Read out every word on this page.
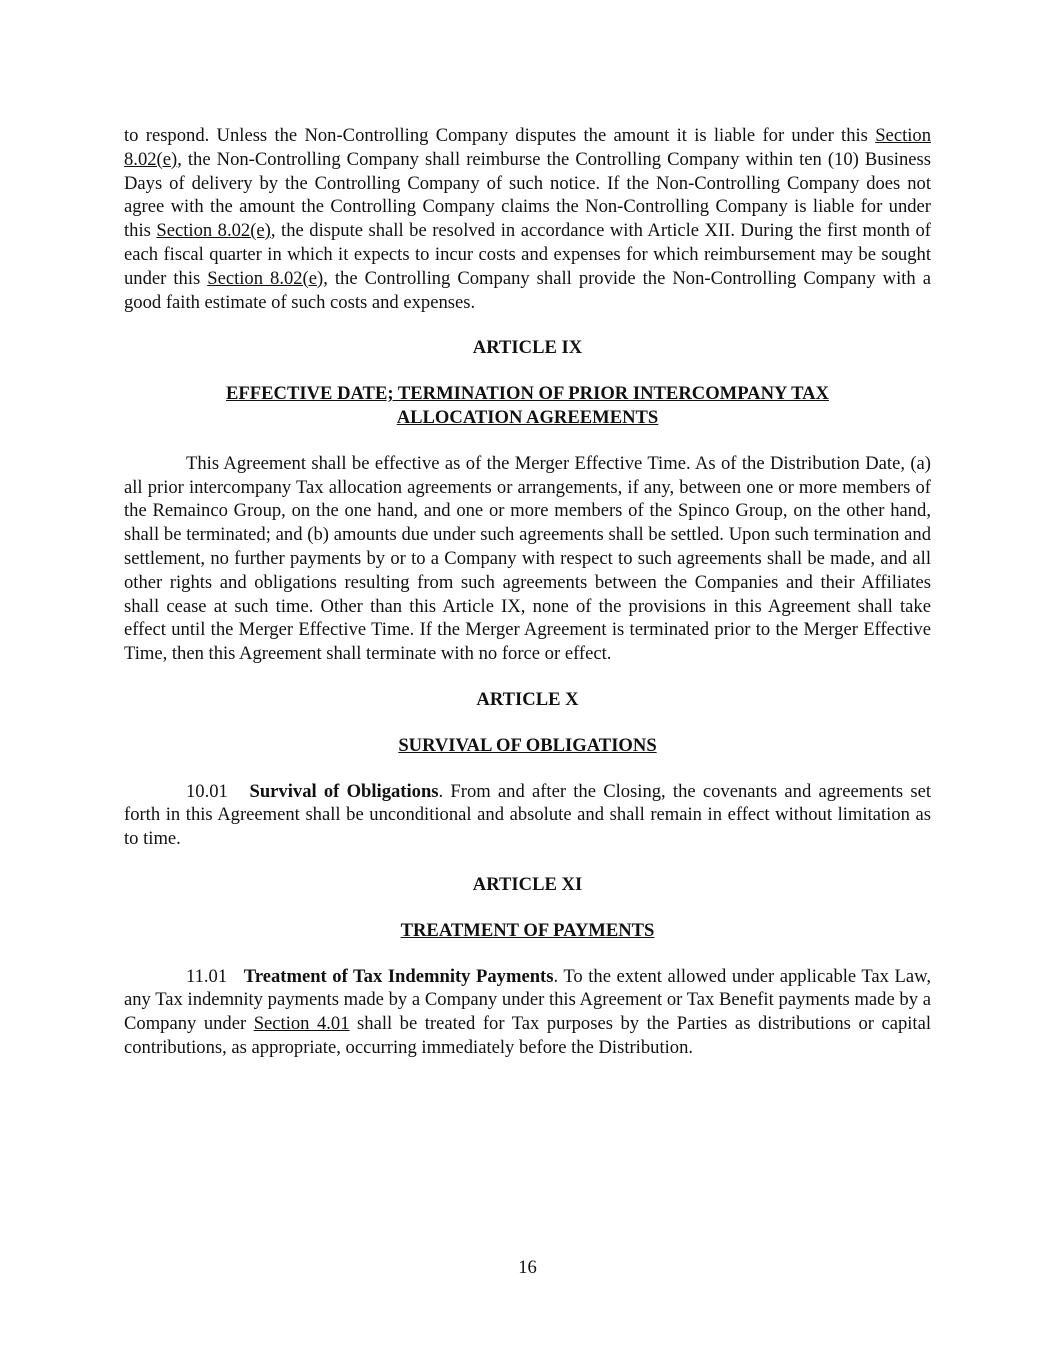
to respond. Unless the Non-Controlling Company disputes the amount it is liable for under this Section 8.02(e), the Non-Controlling Company shall reimburse the Controlling Company within ten (10) Business Days of delivery by the Controlling Company of such notice. If the Non-Controlling Company does not agree with the amount the Controlling Company claims the Non-Controlling Company is liable for under this Section 8.02(e), the dispute shall be resolved in accordance with Article XII. During the first month of each fiscal quarter in which it expects to incur costs and expenses for which reimbursement may be sought under this Section 8.02(e), the Controlling Company shall provide the Non-Controlling Company with a good faith estimate of such costs and expenses.

ARTICLE IX
EFFECTIVE DATE; TERMINATION OF PRIOR INTERCOMPANY TAX
ALLOCATION AGREEMENTS

This Agreement shall be effective as of the Merger Effective Time. As of the Distribution Date, (a) all prior intercompany Tax allocation agreements or arrangements, if any, between one or more members of the Remainco Group, on the one hand, and one or more members of the Spinco Group, on the other hand, shall be terminated; and (b) amounts due under such agreements shall be settled. Upon such termination and settlement, no further payments by or to a Company with respect to such agreements shall be made, and all other rights and obligations resulting from such agreements between the Companies and their Affiliates shall cease at such time. Other than this Article IX, none of the provisions in this Agreement shall take effect until the Merger Effective Time. If the Merger Agreement is terminated prior to the Merger Effective Time, then this Agreement shall terminate with no force or effect.

ARTICLE X
SURVIVAL OF OBLIGATIONS

10.01 Survival of Obligations. From and after the Closing, the covenants and agreements set forth in this Agreement shall be unconditional and absolute and shall remain in effect without limitation as to time.

ARTICLE XI
TREATMENT OF PAYMENTS

11.01 Treatment of Tax Indemnity Payments. To the extent allowed under applicable Tax Law, any Tax indemnity payments made by a Company under this Agreement or Tax Benefit payments made by a Company under Section 4.01 shall be treated for Tax purposes by the Parties as distributions or capital contributions, as appropriate, occurring immediately before the Distribution.

16
